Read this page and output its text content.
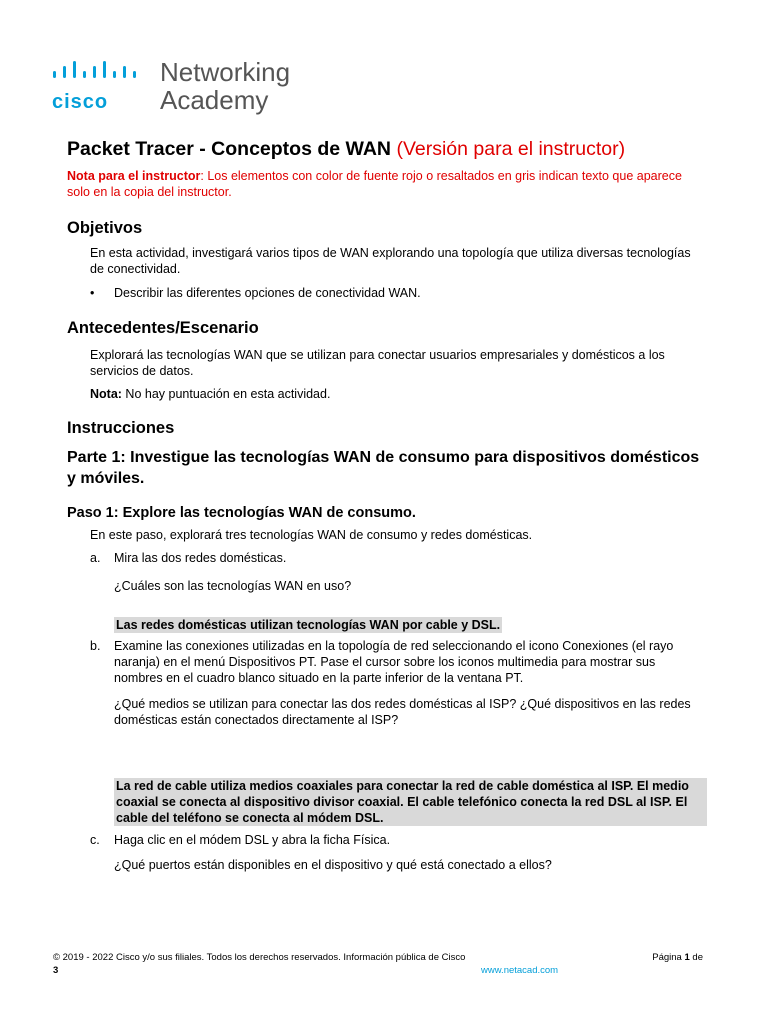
cisco
Networking
Academy
Packet Tracer - Conceptos de WAN (Versión para el instructor)
Nota para el instructor: Los elementos con color de fuente rojo o resaltados en gris indican texto que aparece solo en la copia del instructor.
Objetivos
En esta actividad, investigará varios tipos de WAN explorando una topología que utiliza diversas tecnologías de conectividad.
• Describir las diferentes opciones de conectividad WAN.
Antecedentes/Escenario
Explorará las tecnologías WAN que se utilizan para conectar usuarios empresariales y domésticos a los servicios de datos.
Nota: No hay puntuación en esta actividad.
Instrucciones
Parte 1: Investigue las tecnologías WAN de consumo para dispositivos domésticos y móviles.
Paso 1: Explore las tecnologías WAN de consumo.
En este paso, explorará tres tecnologías WAN de consumo y redes domésticas.
a. Mira las dos redes domésticas.
¿Cuáles son las tecnologías WAN en uso?
Las redes domésticas utilizan tecnologías WAN por cable y DSL.
b. Examine las conexiones utilizadas en la topología de red seleccionando el icono Conexiones (el rayo naranja) en el menú Dispositivos PT. Pase el cursor sobre los iconos multimedia para mostrar sus nombres en el cuadro blanco situado en la parte inferior de la ventana PT.
¿Qué medios se utilizan para conectar las dos redes domésticas al ISP? ¿Qué dispositivos en las redes domésticas están conectados directamente al ISP?
La red de cable utiliza medios coaxiales para conectar la red de cable doméstica al ISP. El medio coaxial se conecta al dispositivo divisor coaxial. El cable telefónico conecta la red DSL al ISP. El cable del teléfono se conecta al módem DSL.
c. Haga clic en el módem DSL y abra la ficha Física.
¿Qué puertos están disponibles en el dispositivo y qué está conectado a ellos?
© 2019 - 2022 Cisco y/o sus filiales. Todos los derechos reservados. Información pública de Cisco	Página 1 de
3	www.netacad.com
